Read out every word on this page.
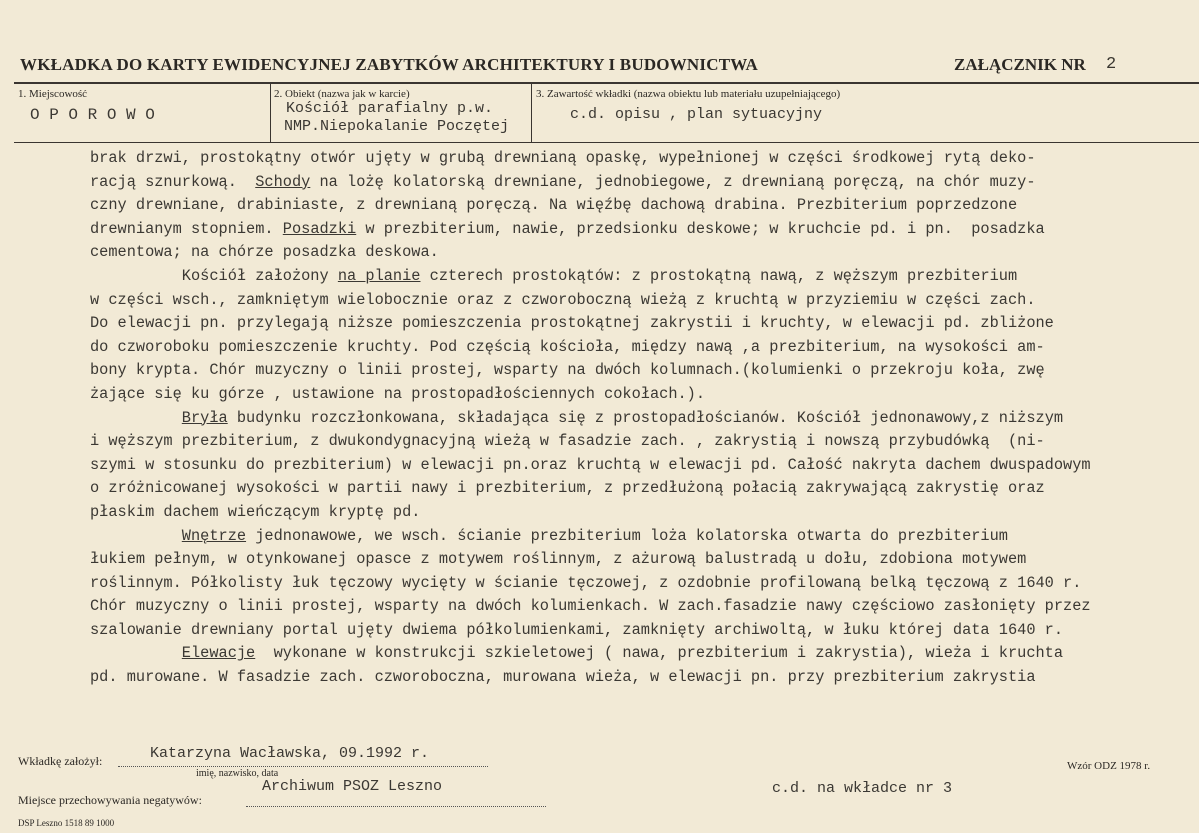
WKŁADKA DO KARTY EWIDENCYJNEJ ZABYTKÓW ARCHITEKTURY I BUDOWNICTWA	ZAŁĄCZNIK NR 2
1. Miejscowość
O P O R O W O
2. Obiekt (nazwa jak w karcie)
Kościół parafialny p.w.
NMP.Niepokalanie Poczętej
3. Zawartość wkładki (nazwa obiektu lub materiału uzupełniającego)
c.d. opisu , plan sytuacyjny
brak drzwi, prostokątny otwór ujęty w grubą drewnianą opaskę, wypełnionej w części środkowej rytą deko-
racją sznurkową.  Schody na lożę kolatorską drewniane, jednobiegowe, z drewnianą poręczą, na chór muzy-
czny drewniane, drabiniaste, z drewnianą poręczą. Na więźbę dachową drabina. Prezbiterium poprzedzone
drewnianym stopniem. Posadzki w prezbiterium, nawie, przedsionku deskowe; w kruchcie pd. i pn.  posadzka
cementowa; na chórze posadzka deskowa.
Kościół założony na planie czterech prostokątów: z prostokątną nawą, z węższym prezbiterium
w części wsch., zamkniętym wielobocznie oraz z czworoboczną wieżą z kruchtą w przyziemiu w części zach.
Do elewacji pn. przylegają niższe pomieszczenia prostokątnej zakrystii i kruchty, w elewacji pd. zbliżone
do czworoboku pomieszczenie kruchty. Pod częścią kościoła, między nawą ,a prezbiterium, na wysokości am-
bony krypta. Chór muzyczny o linii prostej, wsparty na dwóch kolumnach.(kolumienki o przekroju koła, zwę
żające się ku górze , ustawione na prostopadłościennych cokołach.).
Bryła budynku rozczłonkowana, składająca się z prostopadłościanów. Kościół jednonawowy,z niższym
i węższym prezbiterium, z dwukondygnacyjną wieżą w fasadzie zach. , zakrystią i nowszą przybudówką  (ni-
szymi w stosunku do prezbiterium) w elewacji pn.oraz kruchtą w elewacji pd. Całość nakryta dachem dwuspadowym
o zróżnicowanej wysokości w partii nawy i prezbiterium, z przedłużoną połacią zakrywającą zakrystię oraz
płaskim dachem wieńczącym kryptę pd.
Wnętrze jednonawowe, we wsch. ścianie prezbiterium loża kolatorska otwarta do prezbiterium
łukiem pełnym, w otynkowanej opasce z motywem roślinnym, z ażurową balustradą u dołu, zdobiona motywem
roślinnym. Półkolisty łuk tęczowy wycięty w ścianie tęczowej, z ozdobnie profilowaną belką tęczową z 1640 r.
Chór muzyczny o linii prostej, wsparty na dwóch kolumienkach. W zach.fasadzie nawy częściowo zasłonięty przez
szalowanie drewniany portal ujęty dwiema półkolumienkami, zamknięty archiwoltą, w łuku której data 1640 r.
Elewacje  wykonane w konstrukcji szkieletowej ( nawa, prezbiterium i zakrystia), wieża i kruchta
pd. murowane. W fasadzie zach. czworoboczna, murowana wieża, w elewacji pn. przy prezbiterium zakrystia
Wkładkę założył:	Katarzyna Wacławska, 09.1992 r.
imię, nazwisko, data
Miejsce przechowywania negatywów:
Archiwum PSOZ Leszno
Wzór ODZ 1978 r.
c.d. na wkładce nr 3
DSP Leszno 1518 89 1000
